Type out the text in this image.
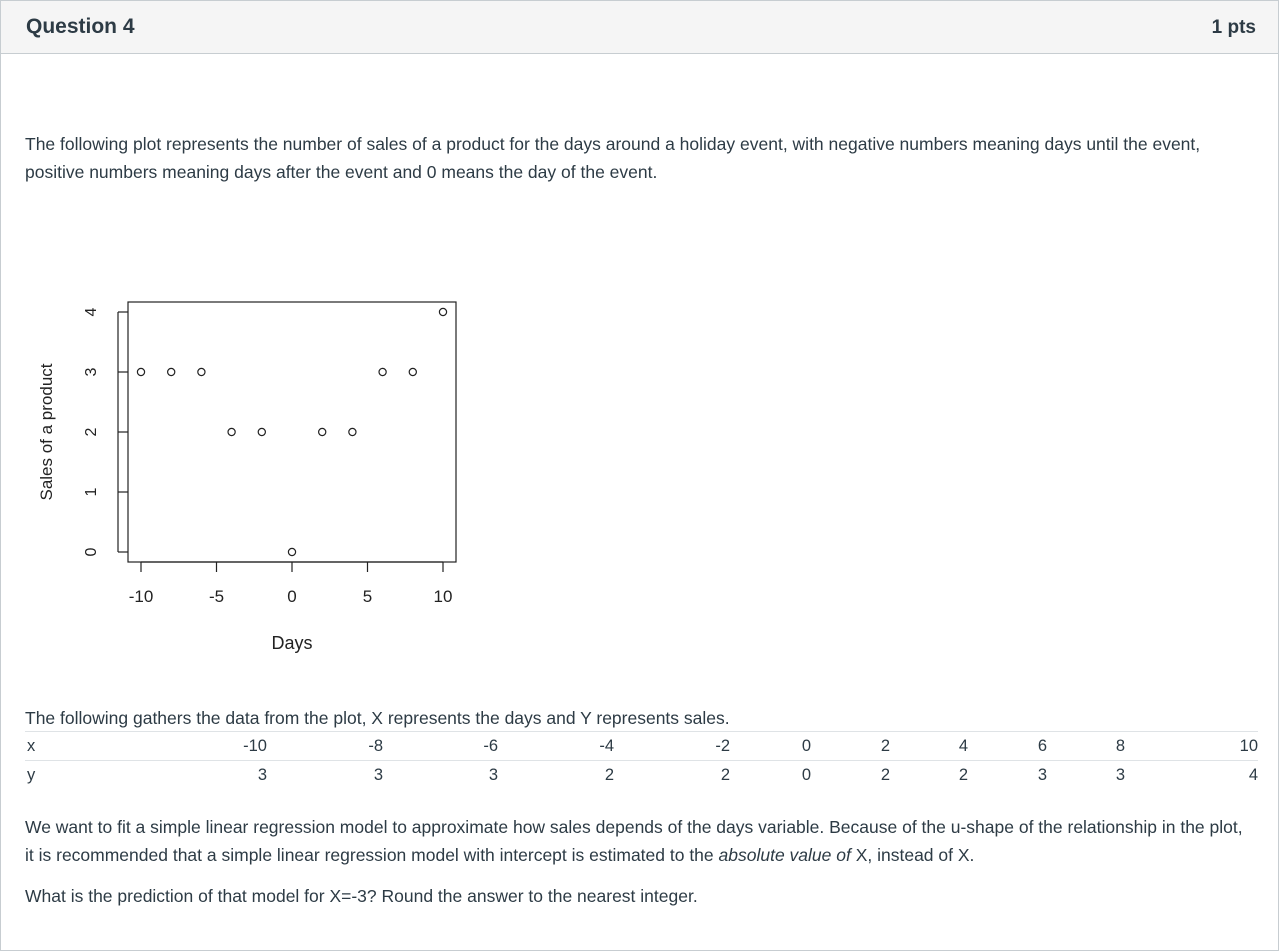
Question 4	1 pts
The following plot represents the number of sales of a product for the days around a holiday event, with negative numbers meaning days until the event, positive numbers meaning days after the event and 0 means the day of the event.
-10	-5	0	5	10
Days
0
1
2
3
4
Sales of a product
The following gathers the data from the plot, X represents the days and Y represents sales.
x	-10	-8	-6	-4	-2	0	2	4	6	8	10
y	3	3	3	2	2	0	2	2	3	3	4
We want to fit a simple linear regression model to approximate how sales depends of the days variable. Because of the u-shape of the relationship in the plot, it is recommended that a simple linear regression model with intercept is estimated to the absolute value of X, instead of X.
What is the prediction of that model for X=-3? Round the answer to the nearest integer.
